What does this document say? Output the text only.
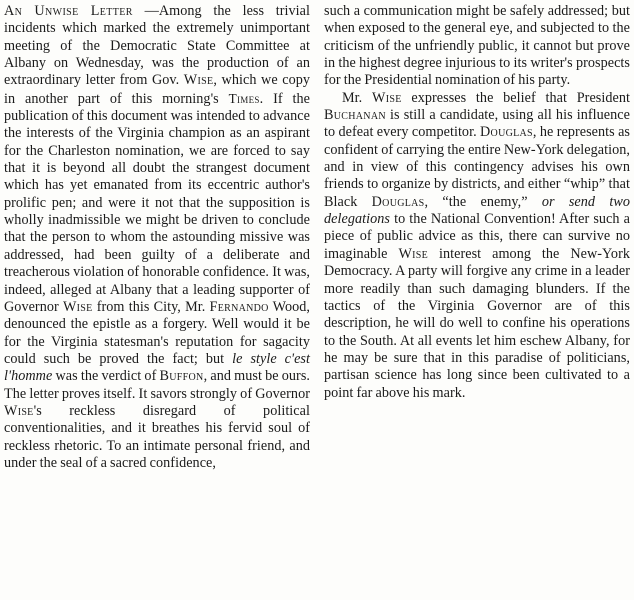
An Unwise Letter —Among the less trivial incidents which marked the extremely unimportant meeting of the Democratic State Committee at Albany on Wednesday, was the production of an extraordinary letter from Gov. Wise, which we copy in another part of this morning's Times. If the publication of this document was intended to advance the interests of the Virginia champion as an aspirant for the Charleston nomination, we are forced to say that it is beyond all doubt the strangest document which has yet emanated from its eccentric author's prolific pen; and were it not that the supposition is wholly inadmissible we might be driven to conclude that the person to whom the astounding missive was addressed, had been guilty of a deliberate and treacherous violation of honorable confidence. It was, indeed, alleged at Albany that a leading supporter of Governor Wise from this City, Mr. Fernando Wood, denounced the epistle as a forgery. Well would it be for the Virginia statesman's reputation for sagacity could such be proved the fact; but le style c'est l'homme was the verdict of Buffon, and must be ours. The letter proves itself. It savors strongly of Governor Wise's reckless disregard of political conventionalities, and it breathes his fervid soul of reckless rhetoric. To an intimate personal friend, and under the seal of a sacred confidence,

such a communication might be safely addressed; but when exposed to the general eye, and subjected to the criticism of the unfriendly public, it cannot but prove in the highest degree injurious to its writer's prospects for the Presidential nomination of his party.

Mr. Wise expresses the belief that President Buchanan is still a candidate, using all his influence to defeat every competitor. Douglas, he represents as confident of carrying the entire New-York delegation, and in view of this contingency advises his own friends to organize by districts, and either “whip” that Black Douglas, “the enemy,” or send two delegations to the National Convention! After such a piece of public advice as this, there can survive no imaginable Wise interest among the New-York Democracy. A party will forgive any crime in a leader more readily than such damaging blunders. If the tactics of the Virginia Governor are of this description, he will do well to confine his operations to the South. At all events let him eschew Albany, for he may be sure that in this paradise of politicians, partisan science has long since been cultivated to a point far above his mark.
